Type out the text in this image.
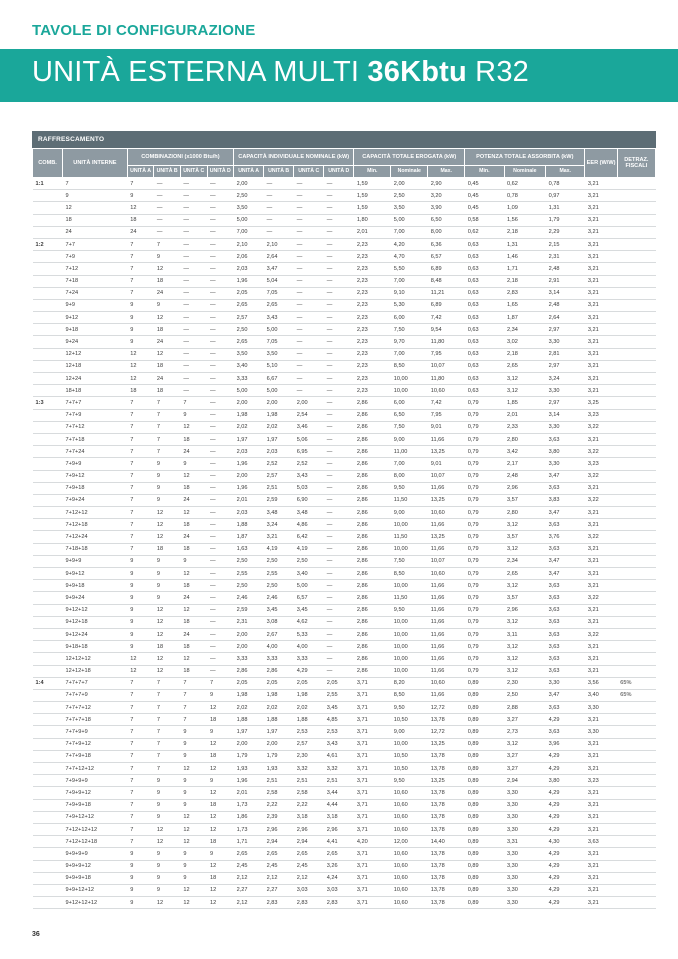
TAVOLE DI CONFIGURAZIONE
UNITÀ ESTERNA MULTI 36Kbtu R32
RAFFRESCAMENTO
COMB.	UNITÀ INTERNE	COMBINAZIONI (x1000 Btu/h)				CAPACITÀ INDIVIDUALE NOMINALE (kW)				CAPACITÀ TOTALE EROGATA (kW)			POTENZA TOTALE ASSORBITA (kW)			EER (W/W)	DETRAZ. FISCALI
		UNITÀ A	UNITÀ B	UNITÀ C	UNITÀ D	UNITÀ A	UNITÀ B	UNITÀ C	UNITÀ D	Min.	Nominale	Max.	Min.	Nominale	Max.		
1:1	7	7	—	—	—	2,00	—	—	—	1,59	2,00	2,90	0,45	0,62	0,78	3,21	
	9	9	—	—	—	2,50	—	—	—	1,59	2,50	3,20	0,45	0,78	0,97	3,21	
	12	12	—	—	—	3,50	—	—	—	1,59	3,50	3,90	0,45	1,09	1,31	3,21	
	18	18	—	—	—	5,00	—	—	—	1,80	5,00	6,50	0,58	1,56	1,79	3,21	
	24	24	—	—	—	7,00	—	—	—	2,01	7,00	8,00	0,62	2,18	2,29	3,21	
1:2	7+7	7	7	—	—	2,10	2,10	—	—	2,23	4,20	6,36	0,63	1,31	2,15	3,21	
	7+9	7	9	—	—	2,06	2,64	—	—	2,23	4,70	6,57	0,63	1,46	2,31	3,21	
	7+12	7	12	—	—	2,03	3,47	—	—	2,23	5,50	6,89	0,63	1,71	2,48	3,21	
	7+18	7	18	—	—	1,96	5,04	—	—	2,23	7,00	8,48	0,63	2,18	2,91	3,21	
	7+24	7	24	—	—	2,05	7,05	—	—	2,23	9,10	11,21	0,63	2,83	3,14	3,21	
	9+9	9	9	—	—	2,65	2,65	—	—	2,23	5,30	6,89	0,63	1,65	2,48	3,21	
	9+12	9	12	—	—	2,57	3,43	—	—	2,23	6,00	7,42	0,63	1,87	2,64	3,21	
	9+18	9	18	—	—	2,50	5,00	—	—	2,23	7,50	9,54	0,63	2,34	2,97	3,21	
	9+24	9	24	—	—	2,65	7,05	—	—	2,23	9,70	11,80	0,63	3,02	3,30	3,21	
	12+12	12	12	—	—	3,50	3,50	—	—	2,23	7,00	7,95	0,63	2,18	2,81	3,21	
	12+18	12	18	—	—	3,40	5,10	—	—	2,23	8,50	10,07	0,63	2,65	2,97	3,21	
	12+24	12	24	—	—	3,33	6,67	—	—	2,23	10,00	11,80	0,63	3,12	3,24	3,21	
	18+18	18	18	—	—	5,00	5,00	—	—	2,23	10,00	10,60	0,63	3,12	3,30	3,21	
1:3	7+7+7	7	7	7	—	2,00	2,00	2,00	—	2,86	6,00	7,42	0,79	1,85	2,97	3,25	
	7+7+9	7	7	9	—	1,98	1,98	2,54	—	2,86	6,50	7,95	0,79	2,01	3,14	3,23	
	7+7+12	7	7	12	—	2,02	2,02	3,46	—	2,86	7,50	9,01	0,79	2,33	3,30	3,22	
	7+7+18	7	7	18	—	1,97	1,97	5,06	—	2,86	9,00	11,66	0,79	2,80	3,63	3,21	
	7+7+24	7	7	24	—	2,03	2,03	6,95	—	2,86	11,00	13,25	0,79	3,42	3,80	3,22	
	7+9+9	7	9	9	—	1,96	2,52	2,52	—	2,86	7,00	9,01	0,79	2,17	3,30	3,23	
	7+9+12	7	9	12	—	2,00	2,57	3,43	—	2,86	8,00	10,07	0,79	2,48	3,47	3,22	
	7+9+18	7	9	18	—	1,96	2,51	5,03	—	2,86	9,50	11,66	0,79	2,96	3,63	3,21	
	7+9+24	7	9	24	—	2,01	2,59	6,90	—	2,86	11,50	13,25	0,79	3,57	3,83	3,22	
	7+12+12	7	12	12	—	2,03	3,48	3,48	—	2,86	9,00	10,60	0,79	2,80	3,47	3,21	
	7+12+18	7	12	18	—	1,88	3,24	4,86	—	2,86	10,00	11,66	0,79	3,12	3,63	3,21	
	7+12+24	7	12	24	—	1,87	3,21	6,42	—	2,86	11,50	13,25	0,79	3,57	3,76	3,22	
	7+18+18	7	18	18	—	1,63	4,19	4,19	—	2,86	10,00	11,66	0,79	3,12	3,63	3,21	
	9+9+9	9	9	9	—	2,50	2,50	2,50	—	2,86	7,50	10,07	0,79	2,34	3,47	3,21	
	9+9+12	9	9	12	—	2,55	2,55	3,40	—	2,86	8,50	10,60	0,79	2,65	3,47	3,21	
	9+9+18	9	9	18	—	2,50	2,50	5,00	—	2,86	10,00	11,66	0,79	3,12	3,63	3,21	
	9+9+24	9	9	24	—	2,46	2,46	6,57	—	2,86	11,50	11,66	0,79	3,57	3,63	3,22	
	9+12+12	9	12	12	—	2,59	3,45	3,45	—	2,86	9,50	11,66	0,79	2,96	3,63	3,21	
	9+12+18	9	12	18	—	2,31	3,08	4,62	—	2,86	10,00	11,66	0,79	3,12	3,63	3,21	
	9+12+24	9	12	24	—	2,00	2,67	5,33	—	2,86	10,00	11,66	0,79	3,11	3,63	3,22	
	9+18+18	9	18	18	—	2,00	4,00	4,00	—	2,86	10,00	11,66	0,79	3,12	3,63	3,21	
	12+12+12	12	12	12	—	3,33	3,33	3,33	—	2,86	10,00	11,66	0,79	3,12	3,63	3,21	
	12+12+18	12	12	18	—	2,86	2,86	4,29	—	2,86	10,00	11,66	0,79	3,12	3,63	3,21	
1:4	7+7+7+7	7	7	7	7	2,05	2,05	2,05	2,05	3,71	8,20	10,60	0,89	2,30	3,30	3,56	65%
	7+7+7+9	7	7	7	9	1,98	1,98	1,98	2,55	3,71	8,50	11,66	0,89	2,50	3,47	3,40	65%
	7+7+7+12	7	7	7	12	2,02	2,02	2,02	3,45	3,71	9,50	12,72	0,89	2,88	3,63	3,30	
	7+7+7+18	7	7	7	18	1,88	1,88	1,88	4,85	3,71	10,50	13,78	0,89	3,27	4,29	3,21	
	7+7+9+9	7	7	9	9	1,97	1,97	2,53	2,53	3,71	9,00	12,72	0,89	2,73	3,63	3,30	
	7+7+9+12	7	7	9	12	2,00	2,00	2,57	3,43	3,71	10,00	13,25	0,89	3,12	3,96	3,21	
	7+7+9+18	7	7	9	18	1,79	1,79	2,30	4,61	3,71	10,50	13,78	0,89	3,27	4,29	3,21	
	7+7+12+12	7	7	12	12	1,93	1,93	3,32	3,32	3,71	10,50	13,78	0,89	3,27	4,29	3,21	
	7+9+9+9	7	9	9	9	1,96	2,51	2,51	2,51	3,71	9,50	13,25	0,89	2,94	3,80	3,23	
	7+9+9+12	7	9	9	12	2,01	2,58	2,58	3,44	3,71	10,60	13,78	0,89	3,30	4,29	3,21	
	7+9+9+18	7	9	9	18	1,73	2,22	2,22	4,44	3,71	10,60	13,78	0,89	3,30	4,29	3,21	
	7+9+12+12	7	9	12	12	1,86	2,39	3,18	3,18	3,71	10,60	13,78	0,89	3,30	4,29	3,21	
	7+12+12+12	7	12	12	12	1,73	2,96	2,96	2,96	3,71	10,60	13,78	0,89	3,30	4,29	3,21	
	7+12+12+18	7	12	12	18	1,71	2,94	2,94	4,41	4,20	12,00	14,40	0,89	3,31	4,30	3,63	
	9+9+9+9	9	9	9	9	2,65	2,65	2,65	2,65	3,71	10,60	13,78	0,89	3,30	4,29	3,21	
	9+9+9+12	9	9	9	12	2,45	2,45	2,45	3,26	3,71	10,60	13,78	0,89	3,30	4,29	3,21	
	9+9+9+18	9	9	9	18	2,12	2,12	2,12	4,24	3,71	10,60	13,78	0,89	3,30	4,29	3,21	
	9+9+12+12	9	9	12	12	2,27	2,27	3,03	3,03	3,71	10,60	13,78	0,89	3,30	4,29	3,21	
	9+12+12+12	9	12	12	12	2,12	2,83	2,83	2,83	3,71	10,60	13,78	0,89	3,30	4,29	3,21	
36
